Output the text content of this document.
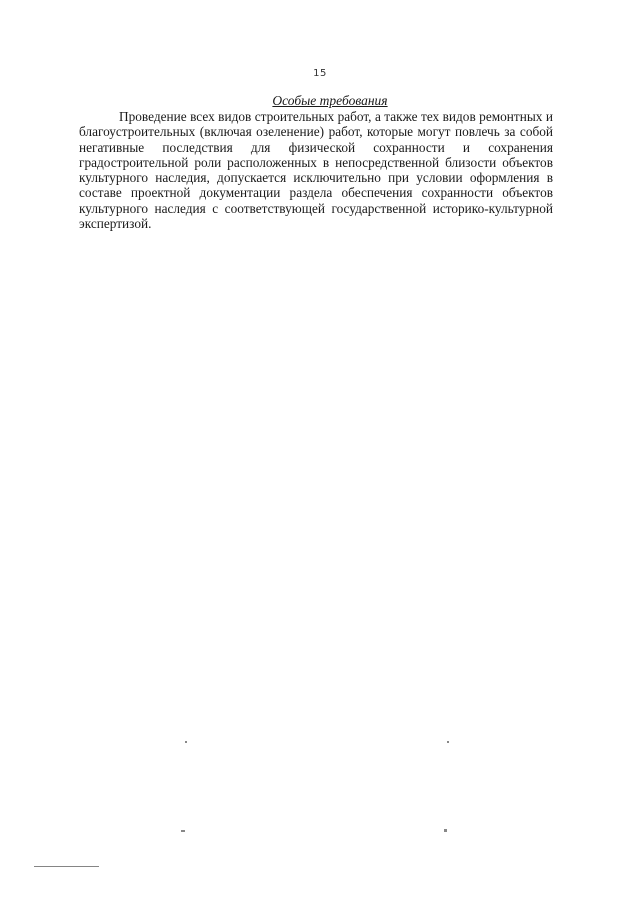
15
Особые требования
Проведение всех видов строительных работ, а также тех видов ремонтных и благоустроительных (включая озеленение) работ, которые могут повлечь за собой негативные последствия для физической сохранности и сохранения градостроительной роли расположенных в непосредственной близости объектов культурного наследия, допускается исключительно при условии оформления в составе проектной документации раздела обеспечения сохранности объектов культурного наследия с соответствующей государственной историко-культурной экспертизой.
